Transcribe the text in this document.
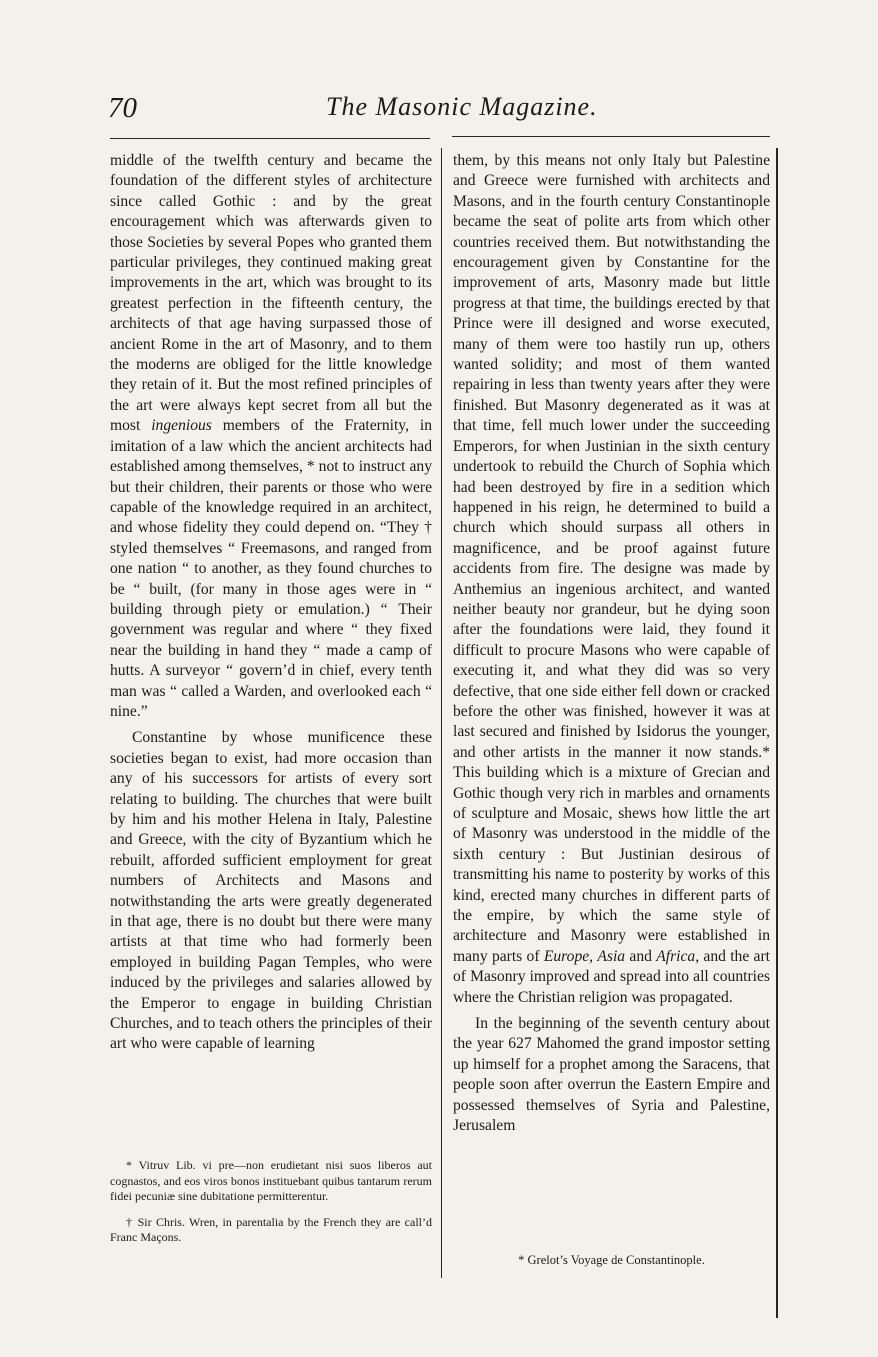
70	The Masonic Magazine.

middle of the twelfth century and became the foundation of the different styles of architecture since called Gothic : and by the great encouragement which was afterwards given to those Societies by several Popes who granted them particular privileges, they continued making great improvements in the art, which was brought to its greatest perfection in the fifteenth century, the architects of that age having surpassed those of ancient Rome in the art of Masonry, and to them the moderns are obliged for the little knowledge they retain of it. But the most refined principles of the art were always kept secret from all but the most ingenious members of the Fraternity, in imitation of a law which the ancient architects had established among themselves, * not to instruct any but their children, their parents or those who were capable of the knowledge required in an architect, and whose fidelity they could depend on. “They † styled themselves “ Freemasons, and ranged from one nation “ to another, as they found churches to be “ built, (for many in those ages were in “ building through piety or emulation.) “ Their government was regular and where “ they fixed near the building in hand they “ made a camp of hutts. A surveyor “ govern’d in chief, every tenth man was “ called a Warden, and overlooked each “ nine.”

Constantine by whose munificence these societies began to exist, had more occasion than any of his successors for artists of every sort relating to building. The churches that were built by him and his mother Helena in Italy, Palestine and Greece, with the city of Byzantium which he rebuilt, afforded sufficient employment for great numbers of Architects and Masons and notwithstanding the arts were greatly degenerated in that age, there is no doubt but there were many artists at that time who had formerly been employed in building Pagan Temples, who were induced by the privileges and salaries allowed by the Emperor to engage in building Christian Churches, and to teach others the principles of their art who were capable of learning

* Vitruv Lib. vi pre—non erudietant nisi suos liberos aut cognastos, and eos viros bonos instituebant quibus tantarum rerum fidei pecuniæ sine dubitatione permitterentur.

† Sir Chris. Wren, in parentalia by the French they are call’d Franc Maçons.

them, by this means not only Italy but Palestine and Greece were furnished with architects and Masons, and in the fourth century Constantinople became the seat of polite arts from which other countries received them. But notwithstanding the encouragement given by Constantine for the improvement of arts, Masonry made but little progress at that time, the buildings erected by that Prince were ill designed and worse executed, many of them were too hastily run up, others wanted solidity; and most of them wanted repairing in less than twenty years after they were finished. But Masonry degenerated as it was at that time, fell much lower under the succeeding Emperors, for when Justinian in the sixth century undertook to rebuild the Church of Sophia which had been destroyed by fire in a sedition which happened in his reign, he determined to build a church which should surpass all others in magnificence, and be proof against future accidents from fire. The designe was made by Anthemius an ingenious architect, and wanted neither beauty nor grandeur, but he dying soon after the foundations were laid, they found it difficult to procure Masons who were capable of executing it, and what they did was so very defective, that one side either fell down or cracked before the other was finished, however it was at last secured and finished by Isidorus the younger, and other artists in the manner it now stands.* This building which is a mixture of Grecian and Gothic though very rich in marbles and ornaments of sculpture and Mosaic, shews how little the art of Masonry was understood in the middle of the sixth century : But Justinian desirous of transmitting his name to posterity by works of this kind, erected many churches in different parts of the empire, by which the same style of architecture and Masonry were established in many parts of Europe, Asia and Africa, and the art of Masonry improved and spread into all countries where the Christian religion was propagated.

In the beginning of the seventh century about the year 627 Mahomed the grand impostor setting up himself for a prophet among the Saracens, that people soon after overrun the Eastern Empire and possessed themselves of Syria and Palestine, Jerusalem

* Grelot’s Voyage de Constantinople.
